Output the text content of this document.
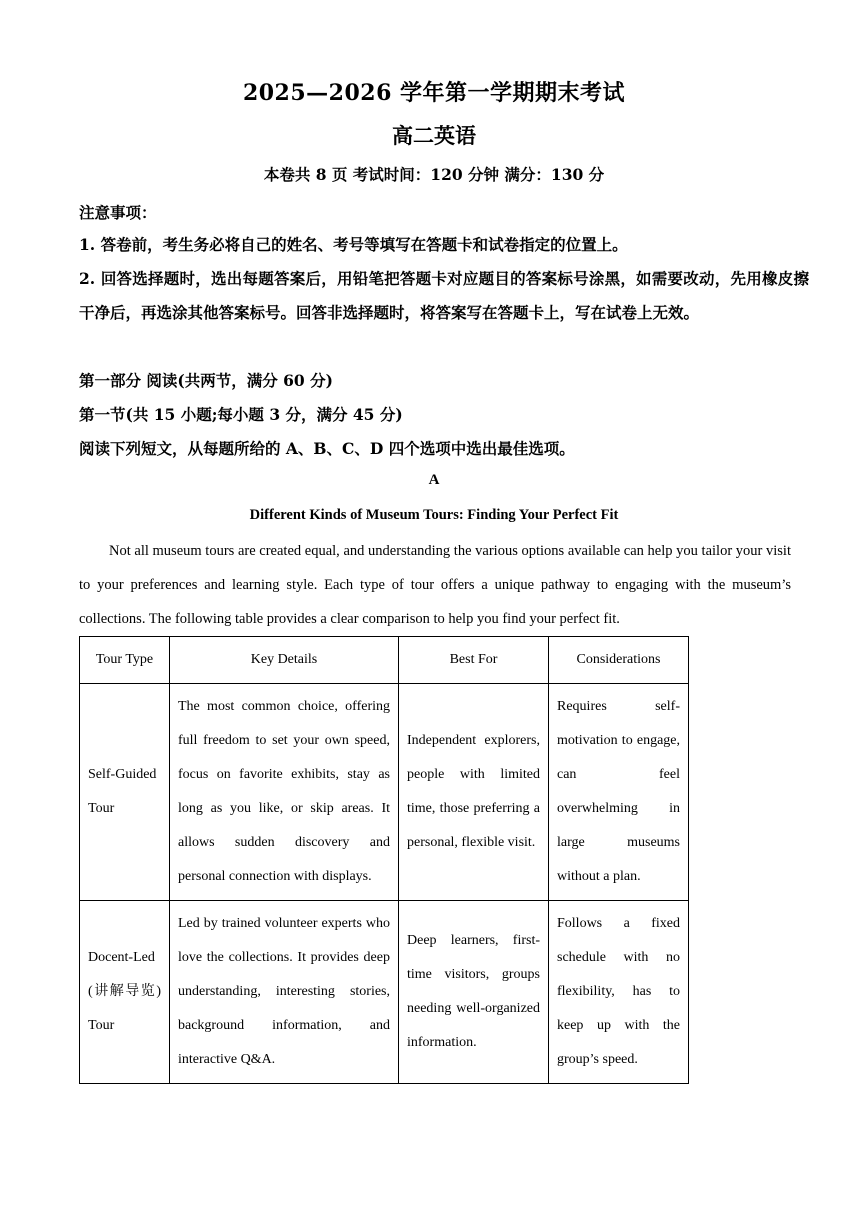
2025—2026 学年第一学期期末考试
高二英语
本卷共 8 页 考试时间：120 分钟 满分：130 分
注意事项：
1. 答卷前，考生务必将自己的姓名、考号等填写在答题卡和试卷指定的位置上。
2. 回答选择题时，选出每题答案后，用铅笔把答题卡对应题目的答案标号涂黑，如需要改动，先用橡皮擦干净后，再选涂其他答案标号。回答非选择题时，将答案写在答题卡上，写在试卷上无效。
第一部分 阅读(共两节，满分 60 分)
第一节(共 15 小题;每小题 3 分，满分 45 分)
阅读下列短文，从每题所给的 A、B、C、D 四个选项中选出最佳选项。
A
Different Kinds of Museum Tours: Finding Your Perfect Fit
Not all museum tours are created equal, and understanding the various options available can help you tailor your visit to your preferences and learning style. Each type of tour offers a unique pathway to engaging with the museum’s collections. The following table provides a clear comparison to help you find your perfect fit.
Tour Type	Key Details	Best For	Considerations
Self-Guided Tour	The most common choice, offering full freedom to set your own speed, focus on favorite exhibits, stay as long as you like, or skip areas. It allows sudden discovery and personal connection with displays.	Independent explorers, people with limited time, those preferring a personal, flexible visit.	Requires self-motivation to engage, can feel overwhelming in large museums without a plan.
Docent-Led (讲解导览) Tour	Led by trained volunteer experts who love the collections. It provides deep understanding, interesting stories, background information, and interactive Q&A.	Deep learners, first-time visitors, groups needing well-organized information.	Follows a fixed schedule with no flexibility, has to keep up with the group’s speed.
